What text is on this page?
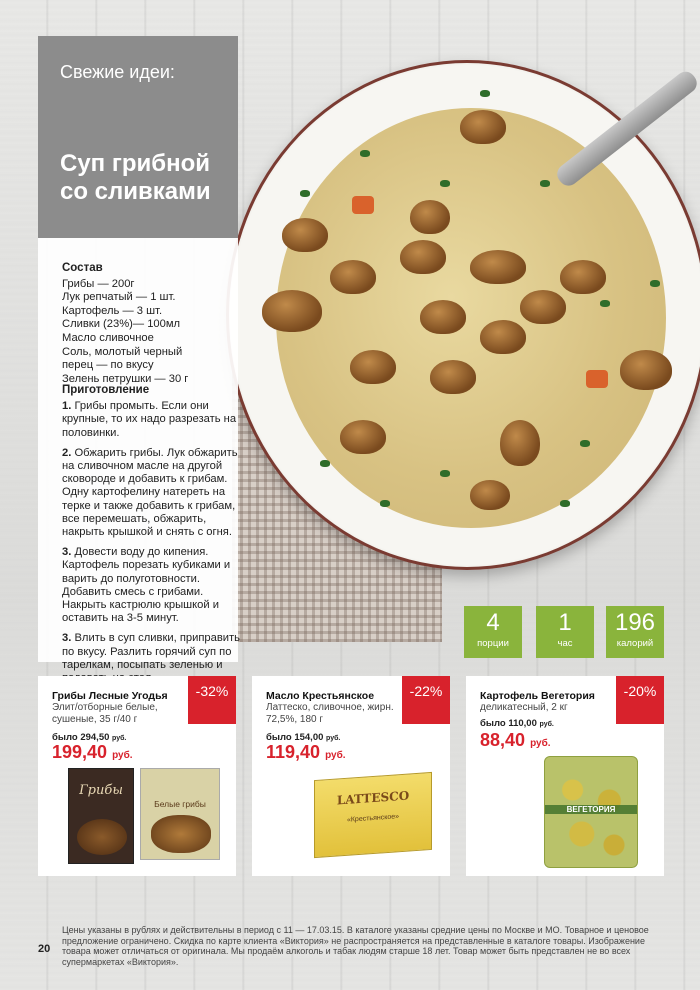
Свежие идеи:
Суп грибной
со сливками
Состав
Грибы — 200г
Лук репчатый — 1 шт.
Картофель — 3 шт.
Сливки (23%)— 100мл
Масло сливочное
Соль, молотый черный
перец — по вкусу
Зелень петрушки — 30 г
Приготовление

1. Грибы промыть. Если они крупные, то их надо разрезать на половинки.

2. Обжарить грибы. Лук обжарить на сливочном масле на другой сковороде и добавить к грибам. Одну картофелину натереть на терке и также добавить к грибам, все перемешать, обжарить, накрыть крышкой и снять с огня.

3. Довести воду до кипения. Картофель порезать кубиками и варить до полуготовности. Добавить смесь с грибами. Накрыть кастрюлю крышкой и оставить на 3-5 минут.

3. Влить в суп сливки, приправить по вкусу. Разлить горячий суп по тарелкам, посыпать зеленью и

4
порции
1
час
196
калорий
-32%
Грибы Лесные Угодья
Элит/отборные белые, сушеные, 35 г/40 г
было 294,50 руб.
199,40 руб.
Грибы
Белые грибы
-22%
Масло Крестьянское
Латтеско, сливочное, жирн. 72,5%, 180 г
было 154,00 руб.
119,40 руб.
LATTESCO
«Крестьянское»
-20%
Картофель Вегетория
деликатесный, 2 кг
было 110,00 руб.
88,40 руб.
ВЕГЕТОРИЯ
20
Цены указаны в рублях и действительны в период с 11 — 17.03.15. В каталоге указаны средние цены по Москве и МО. Товарное и ценовое предложение ограничено. Скидка по карте клиента «Виктория» не распространяется на представленные в каталоге товары. Изображение товара может отличаться от оригинала. Мы продаём алкоголь и табак людям старше 18 лет. Товар может быть представлен не во всех супермаркетах «Виктория».
